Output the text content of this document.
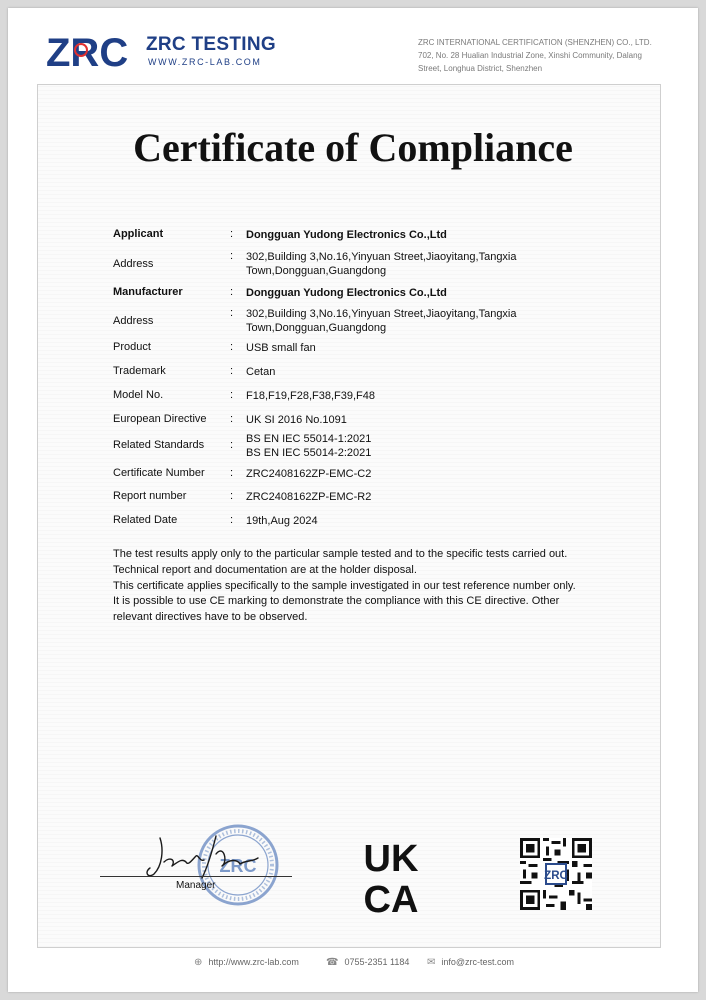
ZRC ZRC TESTING
WWW.ZRC-LAB.COM
ZRC INTERNATIONAL CERTIFICATION (SHENZHEN) CO., LTD.
702, No. 28 Hualian Industrial Zone, Xinshi Community, Dalang
Street, Longhua District, Shenzhen
Certificate of Compliance
Applicant	: Dongguan Yudong Electronics Co.,Ltd
Address
: 302,Building 3,No.16,Yinyuan Street,Jiaoyitang,Tangxia Town,Dongguan,Guangdong
Manufacturer	: Dongguan Yudong Electronics Co.,Ltd
Address
: 302,Building 3,No.16,Yinyuan Street,Jiaoyitang,Tangxia Town,Dongguan,Guangdong
Product	: USB small fan
Trademark	: Cetan
Model No.	: F18,F19,F28,F38,F39,F48
European Directive : UK SI 2016 No.1091
Related Standards : BS EN IEC 55014-1:2021
BS EN IEC 55014-2:2021
Certificate Number : ZRC2408162ZP-EMC-C2
Report number	: ZRC2408162ZP-EMC-R2
Related Date	: 19th,Aug 2024
The test results apply only to the particular sample tested and to the specific tests carried out.
Technical report and documentation are at the holder disposal.
This certificate applies specifically to the sample investigated in our test reference number only.
It is possible to use CE marking to demonstrate the compliance with this CE directive. Other
relevant directives have to be observed.
ZRC
Manager
UK
CA
ZRC
⊕ http://www.zrc-lab.com	☎ 0755-2351 1184 ✉ info@zrc-test.com
